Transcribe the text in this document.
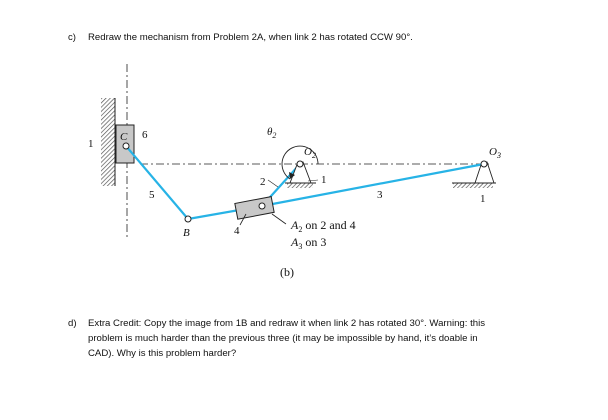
c) Redraw the mechanism from Problem 2A, when link 2 has rotated CCW 90°.
1
C 6
5
B	4
2
$\theta_2$
$O_2$
1
3
$O_3$
1
$A_2$ on 2 and 4
$A_3$ on 3
(b)
d) Extra Credit: Copy the image from 1B and redraw it when link 2 has rotated 30°. Warning: this
problem is much harder than the previous three (it may be impossible by hand, it’s doable in
CAD). Why is this problem harder?
